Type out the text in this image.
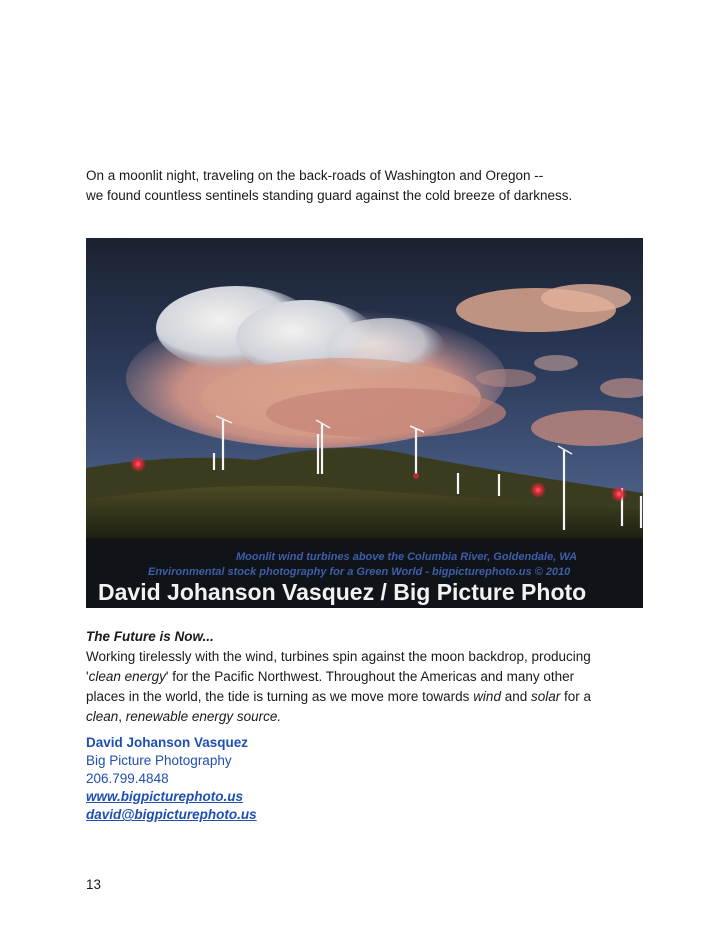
On a moonlit night, traveling on the back-roads of Washington and Oregon --
we found countless sentinels standing guard against the cold breeze of darkness.

Moonlit wind turbines above the Columbia River, Goldendale, WA
Environmental stock photography for a Green World - bigpicturephoto.us © 2010
David Johanson Vasquez / Big Picture Photo
The Future is Now...
Working tirelessly with the wind, turbines spin against the moon backdrop, producing
'clean energy' for the Pacific Northwest. Throughout the Americas and many other
places in the world, the tide is turning as we move more towards wind and solar for a
clean, renewable energy source.
David Johanson Vasquez
Big Picture Photography
206.799.4848
www.bigpicturephoto.us
david@bigpicturephoto.us
13
